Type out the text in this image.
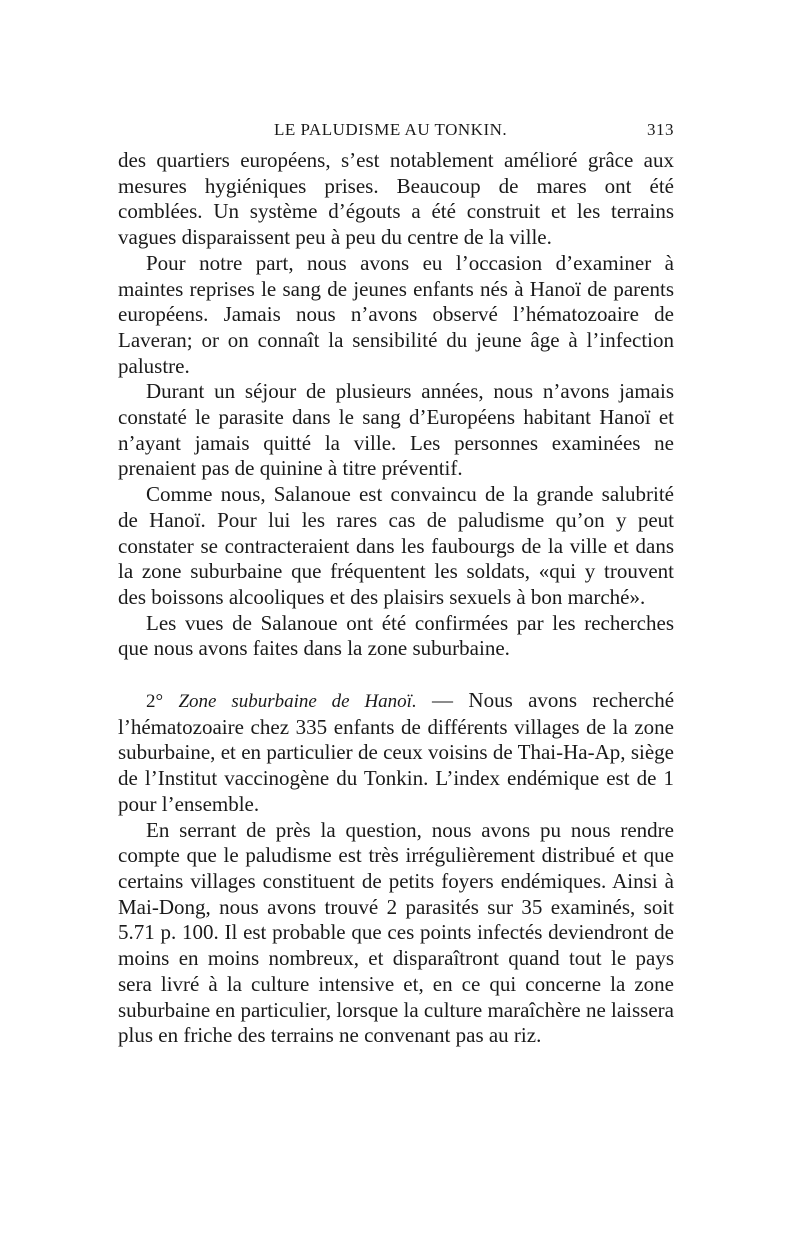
LE PALUDISME AU TONKIN.	313

des quartiers européens, s’est notablement amélioré grâce aux mesures hygiéniques prises. Beaucoup de mares ont été comblées. Un système d’égouts a été construit et les terrains vagues disparaissent peu à peu du centre de la ville.

Pour notre part, nous avons eu l’occasion d’examiner à maintes reprises le sang de jeunes enfants nés à Hanoï de parents européens. Jamais nous n’avons observé l’hématozoaire de Laveran; or on connaît la sensibilité du jeune âge à l’infection palustre.

Durant un séjour de plusieurs années, nous n’avons jamais constaté le parasite dans le sang d’Européens habitant Hanoï et n’ayant jamais quitté la ville. Les personnes examinées ne prenaient pas de quinine à titre préventif.

Comme nous, Salanoue est convaincu de la grande salubrité de Hanoï. Pour lui les rares cas de paludisme qu’on y peut constater se contracteraient dans les faubourgs de la ville et dans la zone suburbaine que fréquentent les soldats, «qui y trouvent des boissons alcooliques et des plaisirs sexuels à bon marché».

Les vues de Salanoue ont été confirmées par les recherches que nous avons faites dans la zone suburbaine.

2° Zone suburbaine de Hanoï. — Nous avons recherché l’hématozoaire chez 335 enfants de différents villages de la zone suburbaine, et en particulier de ceux voisins de Thai-Ha-Ap, siège de l’Institut vaccinogène du Tonkin. L’index endémique est de 1 pour l’ensemble.

En serrant de près la question, nous avons pu nous rendre compte que le paludisme est très irrégulièrement distribué et que certains villages constituent de petits foyers endémiques. Ainsi à Mai-Dong, nous avons trouvé 2 parasités sur 35 examinés, soit 5.71 p. 100. Il est probable que ces points infectés deviendront de moins en moins nombreux, et disparaîtront quand tout le pays sera livré à la culture intensive et, en ce qui concerne la zone suburbaine en particulier, lorsque la culture maraîchère ne laissera plus en friche des terrains ne convenant pas au riz.
